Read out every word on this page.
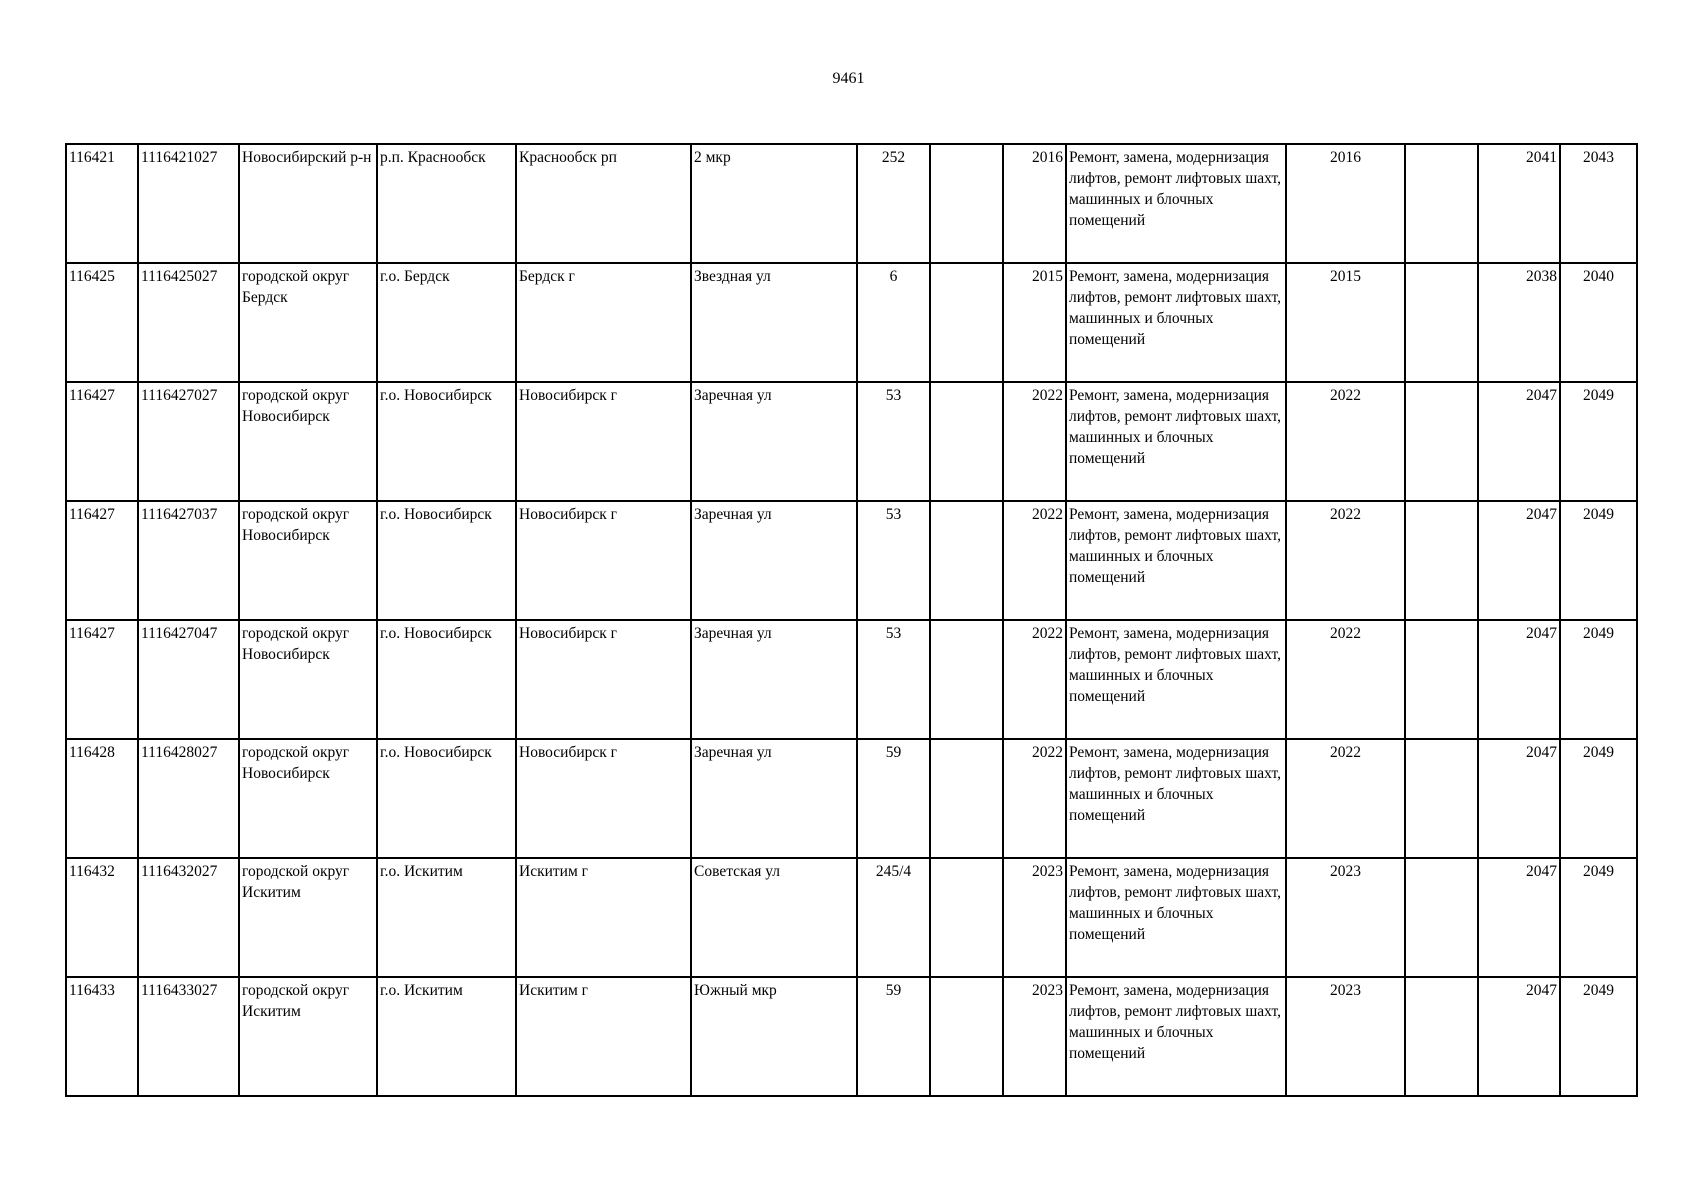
9461
116421	1116421027	Новосибирский р-н	р.п. Краснообск	Краснообск рп	2 мкр	252		2016	Ремонт, замена, модернизация лифтов, ремонт лифтовых шахт, машинных и блочных помещений	2016		2041	2043
116425	1116425027	городской округ Бердск	г.о. Бердск	Бердск г	Звездная ул	6		2015	Ремонт, замена, модернизация лифтов, ремонт лифтовых шахт, машинных и блочных помещений	2015		2038	2040
116427	1116427027	городской округ Новосибирск	г.о. Новосибирск	Новосибирск г	Заречная ул	53		2022	Ремонт, замена, модернизация лифтов, ремонт лифтовых шахт, машинных и блочных помещений	2022		2047	2049
116427	1116427037	городской округ Новосибирск	г.о. Новосибирск	Новосибирск г	Заречная ул	53		2022	Ремонт, замена, модернизация лифтов, ремонт лифтовых шахт, машинных и блочных помещений	2022		2047	2049
116427	1116427047	городской округ Новосибирск	г.о. Новосибирск	Новосибирск г	Заречная ул	53		2022	Ремонт, замена, модернизация лифтов, ремонт лифтовых шахт, машинных и блочных помещений	2022		2047	2049
116428	1116428027	городской округ Новосибирск	г.о. Новосибирск	Новосибирск г	Заречная ул	59		2022	Ремонт, замена, модернизация лифтов, ремонт лифтовых шахт, машинных и блочных помещений	2022		2047	2049
116432	1116432027	городской округ Искитим	г.о. Искитим	Искитим г	Советская ул	245/4		2023	Ремонт, замена, модернизация лифтов, ремонт лифтовых шахт, машинных и блочных помещений	2023		2047	2049
116433	1116433027	городской округ Искитим	г.о. Искитим	Искитим г	Южный мкр	59		2023	Ремонт, замена, модернизация лифтов, ремонт лифтовых шахт, машинных и блочных помещений	2023		2047	2049
